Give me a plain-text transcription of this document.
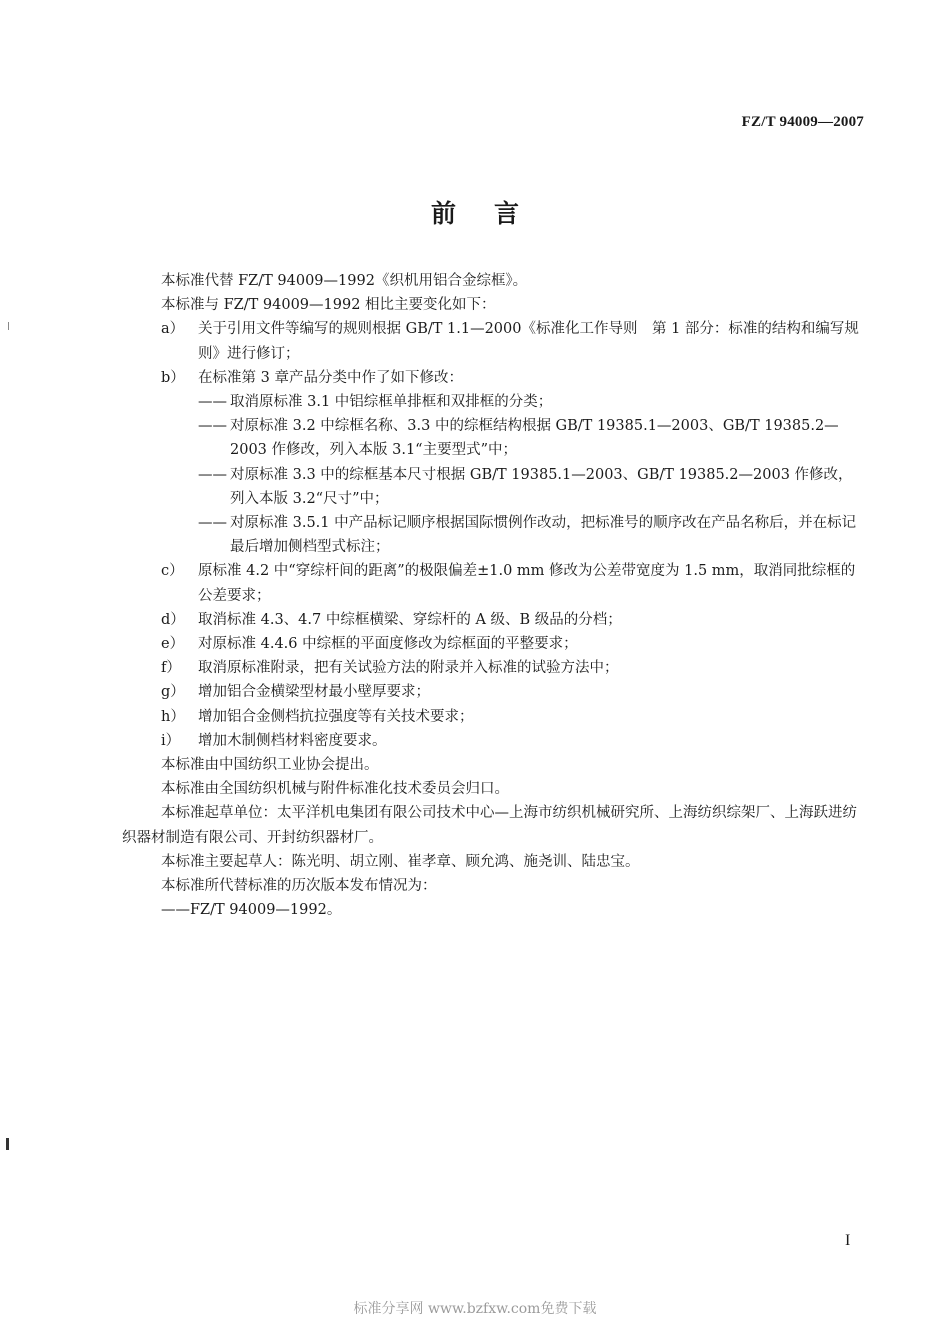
FZ/T 94009—2007
前言

本标准代替 FZ/T 94009—1992《织机用铝合金综框》。

本标准与 FZ/T 94009—1992 相比主要变化如下：

a） 关于引用文件等编写的规则根据 GB/T 1.1—2000《标准化工作导则　第 1 部分：标准的结构和编写规则》进行修订；
b） 在标准第 3 章产品分类中作了如下修改：
—— 取消原标准 3.1 中铝综框单排框和双排框的分类；
—— 对原标准 3.2 中综框名称、3.3 中的综框结构根据 GB/T 19385.1—2003、GB/T 19385.2—2003 作修改，列入本版 3.1“主要型式”中；
—— 对原标准 3.3 中的综框基本尺寸根据 GB/T 19385.1—2003、GB/T 19385.2—2003 作修改，列入本版 3.2“尺寸”中；
—— 对原标准 3.5.1 中产品标记顺序根据国际惯例作改动，把标准号的顺序改在产品名称后，并在标记最后增加侧档型式标注；
c） 原标准 4.2 中“穿综杆间的距离”的极限偏差±1.0 mm 修改为公差带宽度为 1.5 mm，取消同批综框的公差要求；
d） 取消标准 4.3、4.7 中综框横梁、穿综杆的 A 级、B 级品的分档；
e） 对原标准 4.4.6 中综框的平面度修改为综框面的平整要求；
f） 取消原标准附录，把有关试验方法的附录并入标准的试验方法中；
g） 增加铝合金横梁型材最小壁厚要求；
h） 增加铝合金侧档抗拉强度等有关技术要求；
i） 增加木制侧档材料密度要求。

本标准由中国纺织工业协会提出。

本标准由全国纺织机械与附件标准化技术委员会归口。

本标准起草单位：太平洋机电集团有限公司技术中心—上海市纺织机械研究所、上海纺织综架厂、上海跃进纺织器材制造有限公司、开封纺织器材厂。

本标准主要起草人：陈光明、胡立刚、崔孝章、顾允鸿、施尧训、陆忠宝。

本标准所代替标准的历次版本发布情况为：

——FZ/T 94009—1992。

I
标准分享网 www.bzfxw.com免费下载
